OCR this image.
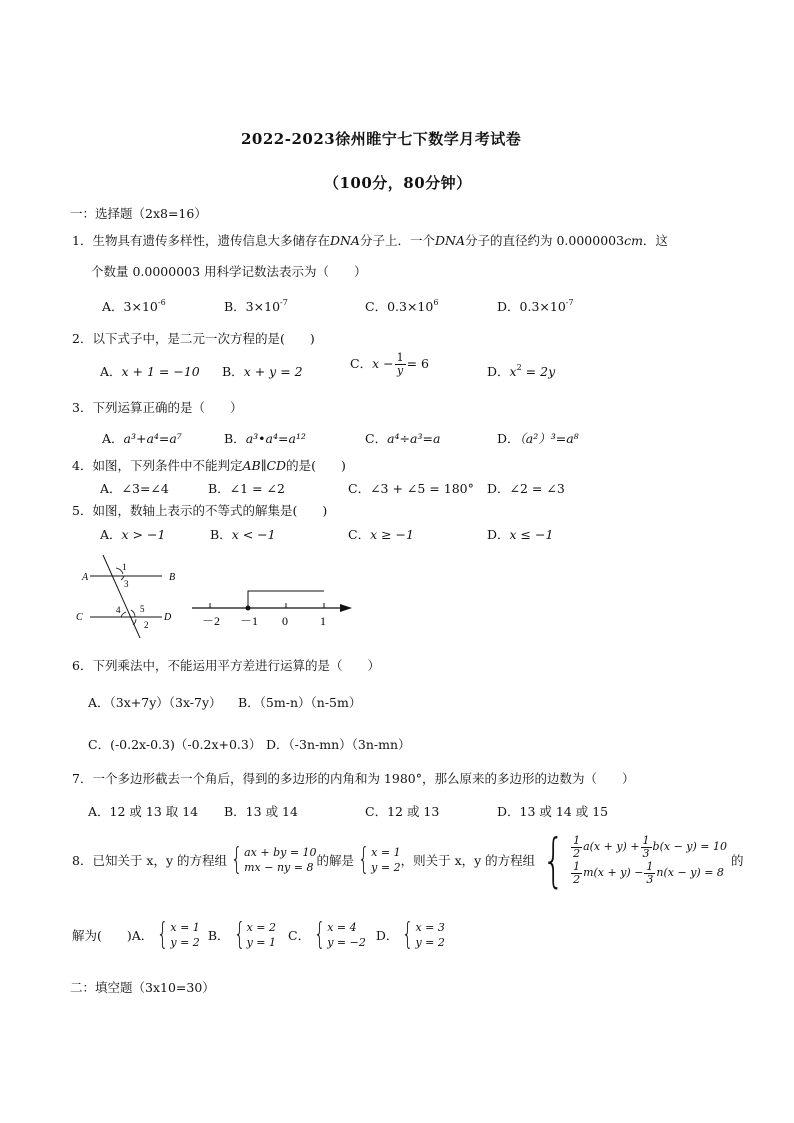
2022-2023徐州睢宁七下数学月考试卷
（100分，80分钟）
一：选择题（2x8=16）
1．生物具有遗传多样性，遗传信息大多储存在DNA分子上．一个DNA分子的直径约为 0.0000003cm．这
个数量 0.0000003 用科学记数法表示为（　　）
A．$3\times 10^{-6}$	B．$3\times 10^{-7}$	C．$0.3\times 10^6$	D．$0.3\times 10^{-7}$
2．以下式子中，是二元一次方程的是(　　)
A．x + 1 = −10 B．x + y = 2
C．$x - \frac{1}{y} = 6$
D．$x^2 = 2y$
3．下列运算正确的是（　　）
A．a³+a⁴=a⁷	B．a³•a⁴=a¹²	C．a⁴÷a³=a	D．（a²）³=a⁸
4．如图，下列条件中不能判定AB∥CD的是(　　)
A．∠3=∠4	B．∠1 = ∠2	C．∠3 + ∠5 = 180° D．∠2 = ∠3
5．如图，数轴上表示的不等式的解集是(　　)
A．x > −1	B．x < −1	C．x ≥ −1	D．x ≤ −1
A	B
C	D
1
3
4 5
2	－2 －1 0	1
6．下列乘法中，不能运用平方差进行运算的是（　　）
A．（3x+7y）（3x-7y） B．（5m-n）（n-5m）
C．(-0.2x-0.3)（-0.2x+0.3） D．（-3n-mn）（3n-mn）
7．一个多边形截去一个角后，得到的多边形的内角和为 1980°，那么原来的多边形的边数为（　　）
A．12 或 13 取 14 B．13 或 14	C．12 或 13	D．13 或 14 或 15
8．已知关于 x，y 的方程组 { ax + by = 10
mx − ny = 8 的解是 { x = 1
y = 2 ，则关于 x，y 的方程组 { $\frac{1}{2} a(x + y) + \frac{1}{3} b(x - y) = 10$
$\frac{1}{2} m(x + y) - \frac{1}{3} n(x - y) = 8$
的
解为(　　)A． { x = 1
y = 2 B． { x = 2
y = 1 C． { x = 4
y = −2 D． { x = 3
y = 2
二：填空题（3x10=30）
